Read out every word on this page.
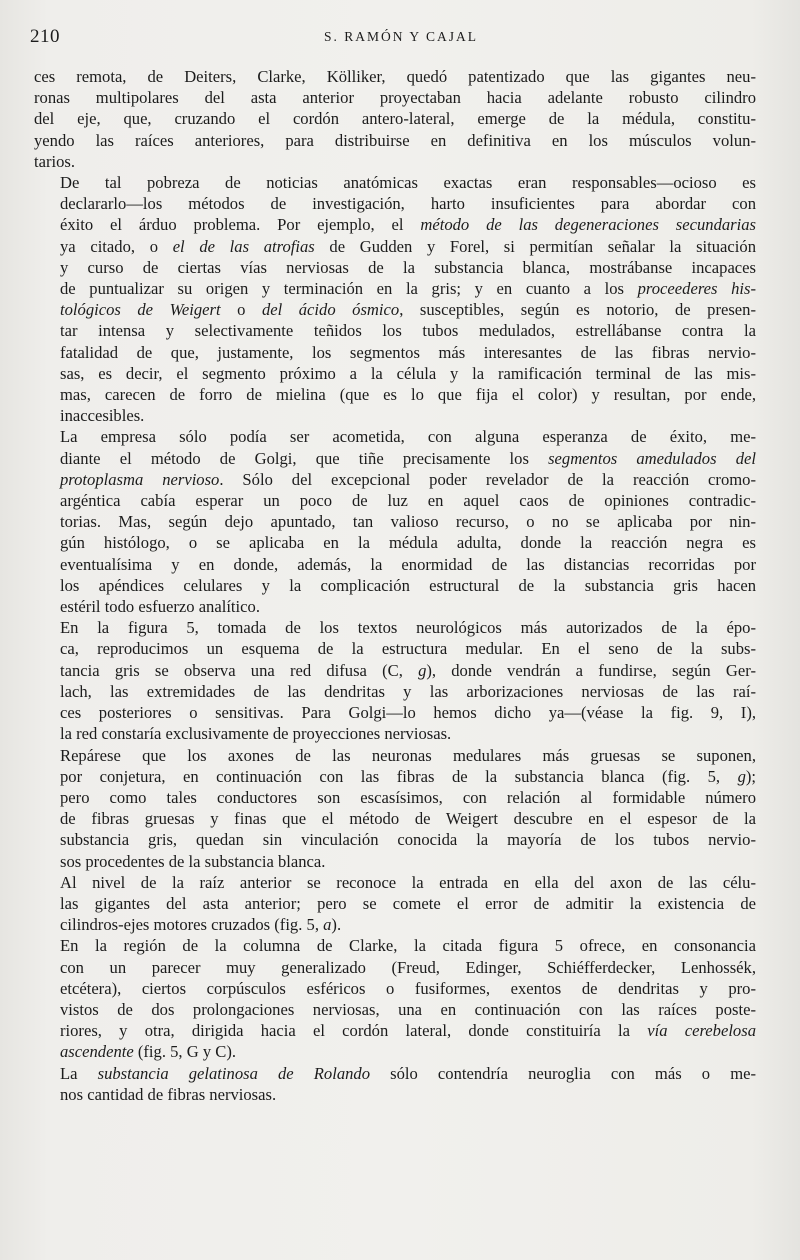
210	S. RAMÓN Y CAJAL

ces remota, de Deiters, Clarke, Kölliker, quedó patentizado que las gigantes neu-
ronas multipolares del asta anterior proyectaban hacia adelante robusto cilindro
del eje, que, cruzando el cordón antero-lateral, emerge de la médula, constitu-
yendo las raíces anteriores, para distribuirse en definitiva en los músculos volun-
tarios.

De tal pobreza de noticias anatómicas exactas eran responsables—ocioso es
declararlo—los métodos de investigación, harto insuficientes para abordar con
éxito el árduo problema. Por ejemplo, el método de las degeneraciones secundarias
ya citado, o el de las atrofias de Gudden y Forel, si permitían señalar la situación
y curso de ciertas vías nerviosas de la substancia blanca, mostrábanse incapaces
de puntualizar su origen y terminación en la gris; y en cuanto a los proceederes his-
tológicos de Weigert o del ácido ósmico, susceptibles, según es notorio, de presen-
tar intensa y selectivamente teñidos los tubos medulados, estrellábanse contra la
fatalidad de que, justamente, los segmentos más interesantes de las fibras nervio-
sas, es decir, el segmento próximo a la célula y la ramificación terminal de las mis-
mas, carecen de forro de mielina (que es lo que fija el color) y resultan, por ende,
inaccesibles.

La empresa sólo podía ser acometida, con alguna esperanza de éxito, me-
diante el método de Golgi, que tiñe precisamente los segmentos amedulados del
protoplasma nervioso. Sólo del excepcional poder revelador de la reacción cromo-
argéntica cabía esperar un poco de luz en aquel caos de opiniones contradic-
torias. Mas, según dejo apuntado, tan valioso recurso, o no se aplicaba por nin-
gún histólogo, o se aplicaba en la médula adulta, donde la reacción negra es
eventualísima y en donde, además, la enormidad de las distancias recorridas por
los apéndices celulares y la complicación estructural de la substancia gris hacen
estéril todo esfuerzo analítico.

En la figura 5, tomada de los textos neurológicos más autorizados de la épo-
ca, reproducimos un esquema de la estructura medular. En el seno de la subs-
tancia gris se observa una red difusa (C, g), donde vendrán a fundirse, según Ger-
lach, las extremidades de las dendritas y las arborizaciones nerviosas de las raí-
ces posteriores o sensitivas. Para Golgi—lo hemos dicho ya—(véase la fig. 9, I),
la red constaría exclusivamente de proyecciones nerviosas.

Repárese que los axones de las neuronas medulares más gruesas se suponen,
por conjetura, en continuación con las fibras de la substancia blanca (fig. 5, g);
pero como tales conductores son escasísimos, con relación al formidable número
de fibras gruesas y finas que el método de Weigert descubre en el espesor de la
substancia gris, quedan sin vinculación conocida la mayoría de los tubos nervio-
sos procedentes de la substancia blanca.

Al nivel de la raíz anterior se reconoce la entrada en ella del axon de las célu-
las gigantes del asta anterior; pero se comete el error de admitir la existencia de
cilindros-ejes motores cruzados (fig. 5, a).

En la región de la columna de Clarke, la citada figura 5 ofrece, en consonancia
con un parecer muy generalizado (Freud, Edinger, Schiéfferdecker, Lenhossék,
etcétera), ciertos corpúsculos esféricos o fusiformes, exentos de dendritas y pro-
vistos de dos prolongaciones nerviosas, una en continuación con las raíces poste-
riores, y otra, dirigida hacia el cordón lateral, donde constituiría la vía cerebelosa
ascendente (fig. 5, G y C).

La substancia gelatinosa de Rolando sólo contendría neuroglia con más o me-
nos cantidad de fibras nerviosas.
